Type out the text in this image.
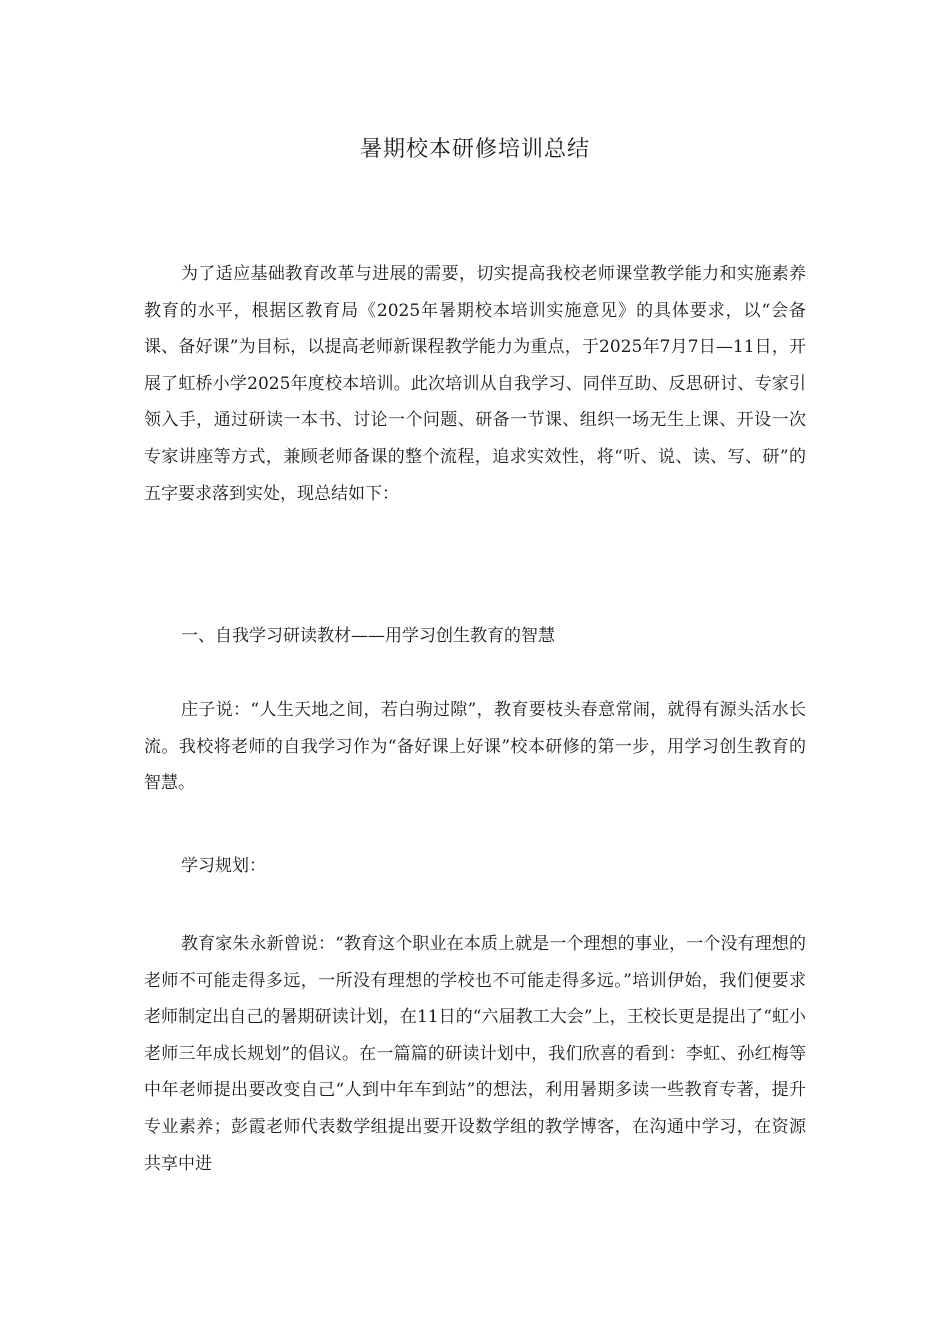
暑期校本研修培训总结

为了适应基础教育改革与进展的需要，切实提高我校老师课堂教学能力和实施素养教育的水平，根据区教育局《2025年暑期校本培训实施意见》的具体要求，以“会备课、备好课”为目标，以提高老师新课程教学能力为重点，于2025年7月7日—11日，开展了虹桥小学2025年度校本培训。此次培训从自我学习、同伴互助、反思研讨、专家引领入手，通过研读一本书、讨论一个问题、研备一节课、组织一场无生上课、开设一次专家讲座等方式，兼顾老师备课的整个流程，追求实效性，将“听、说、读、写、研”的五字要求落到实处，现总结如下：

一、自我学习研读教材——用学习创生教育的智慧

庄子说：“人生天地之间，若白驹过隙”，教育要枝头春意常闹，就得有源头活水长流。我校将老师的自我学习作为“备好课上好课”校本研修的第一步，用学习创生教育的智慧。

学习规划：

教育家朱永新曾说：“教育这个职业在本质上就是一个理想的事业，一个没有理想的老师不可能走得多远，一所没有理想的学校也不可能走得多远。”培训伊始，我们便要求老师制定出自己的暑期研读计划，在11日的“六届教工大会”上，王校长更是提出了“虹小老师三年成长规划”的倡议。在一篇篇的研读计划中，我们欣喜的看到：李虹、孙红梅等中年老师提出要改变自己“人到中年车到站”的想法，利用暑期多读一些教育专著，提升专业素养；彭霞老师代表数学组提出要开设数学组的教学博客，在沟通中学习，在资源共享中进
